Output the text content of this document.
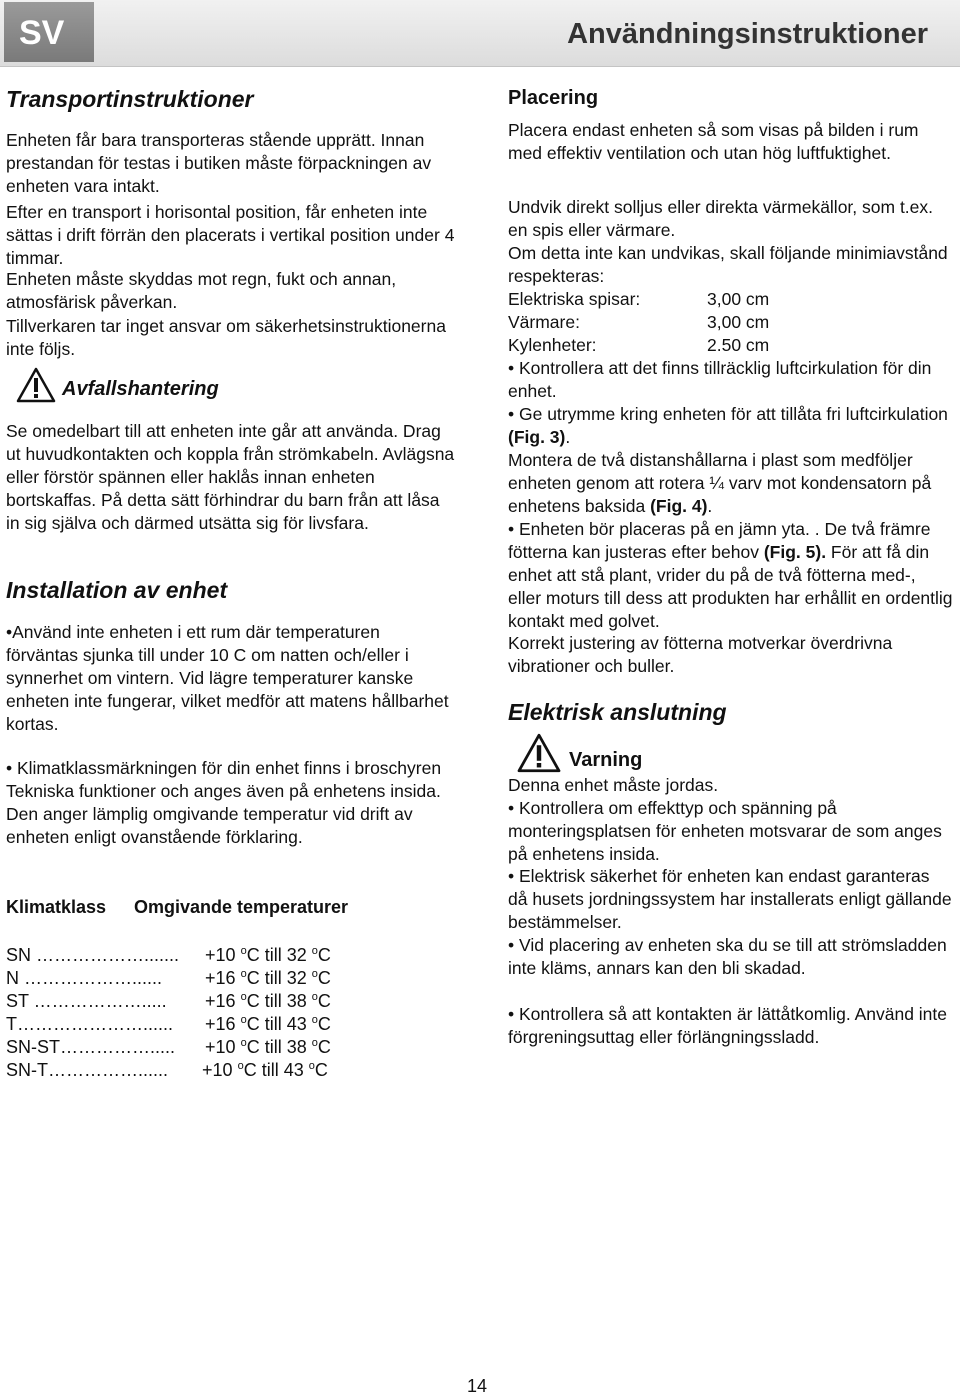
SV	Användningsinstruktioner
Transportinstruktioner

Enheten får bara transporteras stående upprätt. Innan prestandan för testas i butiken måste förpackningen av enheten vara intakt.

Efter en transport i horisontal position, får enheten inte sättas i drift förrän den placerats i vertikal position under 4 timmar.

Enheten måste skyddas mot regn, fukt och annan, atmosfärisk påverkan.

Tillverkaren tar inget ansvar om säkerhetsinstruktionerna inte följs.

Avfallshantering

Se omedelbart till att enheten inte går att använda. Drag ut huvudkontakten och koppla från strömkabeln. Avlägsna eller förstör spännen eller haklås innan enheten bortskaffas. På detta sätt förhindrar du barn från att låsa in sig själva och därmed utsätta sig för livsfara.

Installation av enhet

•Använd inte enheten i ett rum där temperaturen förväntas sjunka till under 10 C om natten och/eller i synnerhet om vintern. Vid lägre temperaturer kanske enheten inte fungerar, vilket medför att matens hållbarhet kortas.

• Klimatklassmärkningen för din enhet finns i broschyren Tekniska funktioner och anges även på enhetens insida. Den anger lämplig omgivande temperatur vid drift av enheten enligt ovanstående förklaring.

Klimatklass Omgivande temperaturer
SN ………………....... +10 $^o$C till 32 $^o$C
N ………………...... +16 $^o$C till 32 $^o$C
ST ………………..... +16 $^o$C till 38 $^o$C
T…………………...... +16 $^o$C till 43 $^o$C
SN-ST……………..... +10 $^o$C till 38 $^o$C
SN-T……………...... +10 $^o$C till 43 $^o$C
Placering

Placera endast enheten så som visas på bilden i rum med effektiv ventilation och utan hög luftfuktighet.

Undvik direkt solljus eller direkta värmekällor, som t.ex. en spis eller värmare.

Om detta inte kan undvikas, skall följande minimiavstånd respekteras:

Elektriska spisar:	3,00 cm
Värmare:	3,00 cm
Kylenheter:	2.50 cm

• Kontrollera att det finns tillräcklig luftcirkulation för din enhet.

• Ge utrymme kring enheten för att tillåta fri luftcirkulation (Fig. 3).

Montera de två distanshållarna i plast som medföljer enheten genom att rotera ¼ varv mot kondensatorn på enhetens baksida (Fig. 4).

• Enheten bör placeras på en jämn yta. . De två främre fötterna kan justeras efter behov (Fig. 5). För att få din enhet att stå plant, vrider du på de två fötterna med-, eller moturs till dess att produkten har erhållit en ordentlig kontakt med golvet.

Korrekt justering av fötterna motverkar överdrivna vibrationer och buller.

Elektrisk anslutning
Varning

Denna enhet måste jordas.

• Kontrollera om effekttyp och spänning på monteringsplatsen för enheten motsvarar de som anges på enhetens insida.

• Elektrisk säkerhet för enheten kan endast garanteras då husets jordningssystem har installerats enligt gällande bestämmelser.

• Vid placering av enheten ska du se till att strömsladden inte kläms, annars kan den bli skadad.

• Kontrollera så att kontakten är lättåtkomlig. Använd inte förgreningsuttag eller förlängningssladd.

14
